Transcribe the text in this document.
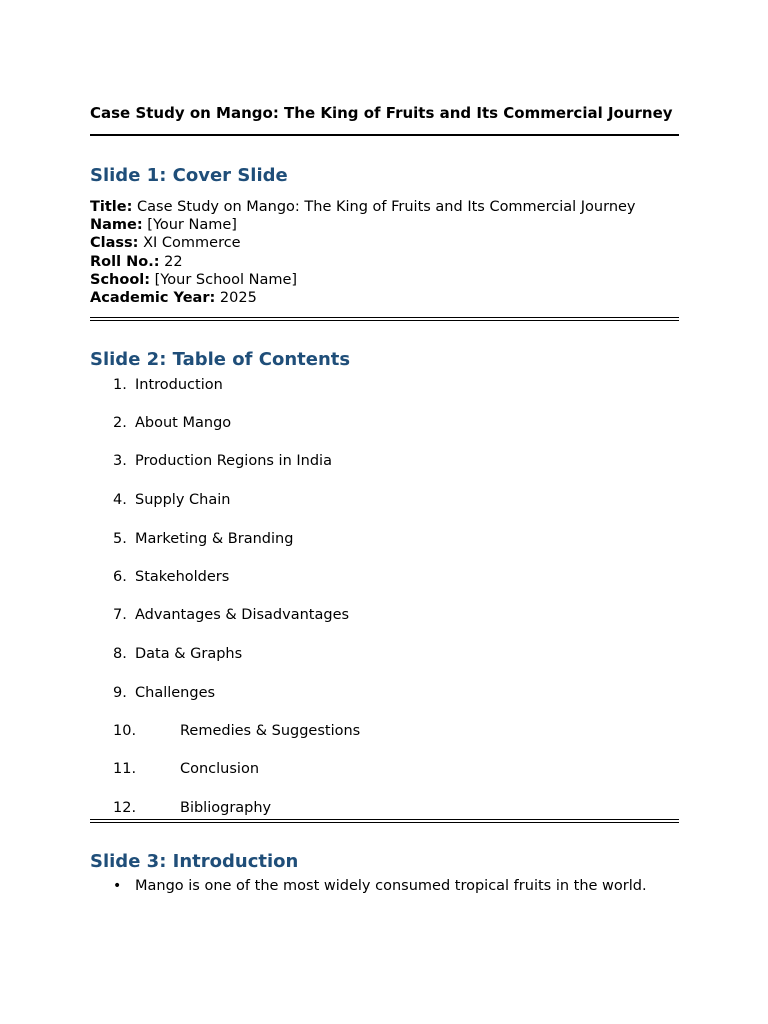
Case Study on Mango: The King of Fruits and Its Commercial Journey
Slide 1: Cover Slide
Title: Case Study on Mango: The King of Fruits and Its Commercial Journey
Name: [Your Name]
Class: XI Commerce
Roll No.: 22
School: [Your School Name]
Academic Year: 2025
Slide 2: Table of Contents
1. Introduction
2. About Mango
3. Production Regions in India
4. Supply Chain
5. Marketing & Branding
6. Stakeholders
7. Advantages & Disadvantages
8. Data & Graphs
9. Challenges
10.	Remedies & Suggestions
11.	Conclusion
12.	Bibliography
Slide 3: Introduction
• Mango is one of the most widely consumed tropical fruits in the world.
